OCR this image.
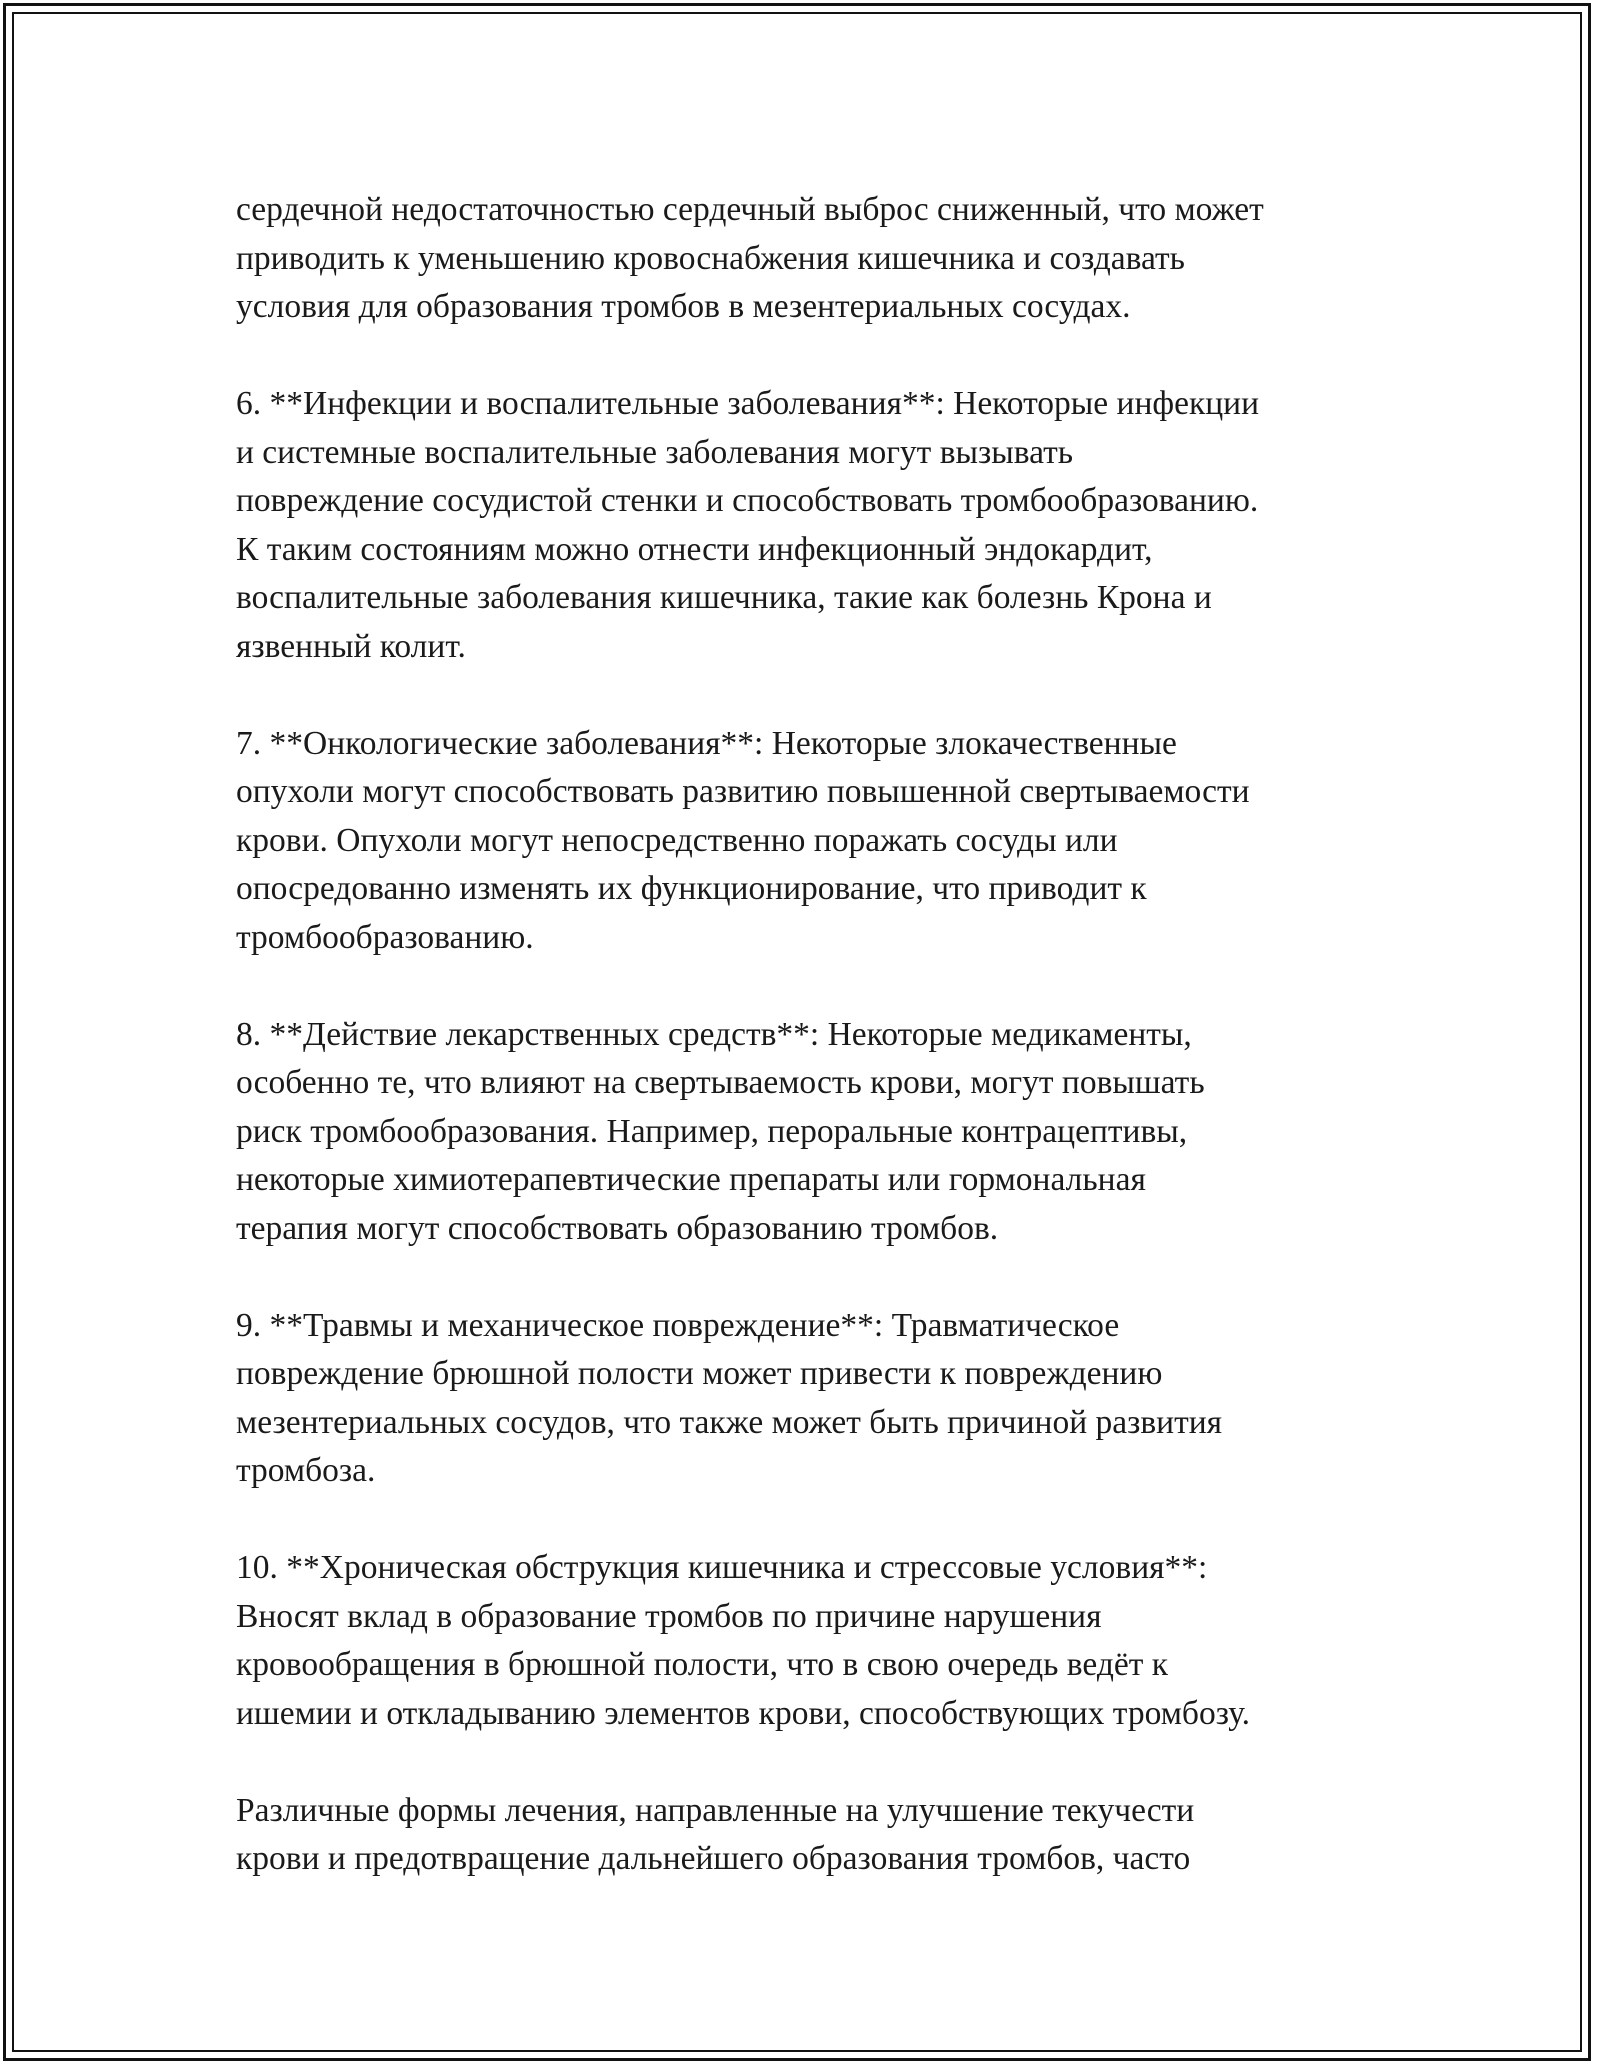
сердечной недостаточностью сердечный выброс сниженный, что может
приводить к уменьшению кровоснабжения кишечника и создавать
условия для образования тромбов в мезентериальных сосудах.

6. **Инфекции и воспалительные заболевания**: Некоторые инфекции
и системные воспалительные заболевания могут вызывать
повреждение сосудистой стенки и способствовать тромбообразованию.
К таким состояниям можно отнести инфекционный эндокардит,
воспалительные заболевания кишечника, такие как болезнь Крона и
язвенный колит.

7. **Онкологические заболевания**: Некоторые злокачественные
опухоли могут способствовать развитию повышенной свертываемости
крови. Опухоли могут непосредственно поражать сосуды или
опосредованно изменять их функционирование, что приводит к
тромбообразованию.

8. **Действие лекарственных средств**: Некоторые медикаменты,
особенно те, что влияют на свертываемость крови, могут повышать
риск тромбообразования. Например, пероральные контрацептивы,
некоторые химиотерапевтические препараты или гормональная
терапия могут способствовать образованию тромбов.

9. **Травмы и механическое повреждение**: Травматическое
повреждение брюшной полости может привести к повреждению
мезентериальных сосудов, что также может быть причиной развития
тромбоза.

10. **Хроническая обструкция кишечника и стрессовые условия**:
Вносят вклад в образование тромбов по причине нарушения
кровообращения в брюшной полости, что в свою очередь ведёт к
ишемии и откладыванию элементов крови, способствующих тромбозу.

Различные формы лечения, направленные на улучшение текучести
крови и предотвращение дальнейшего образования тромбов, часто
